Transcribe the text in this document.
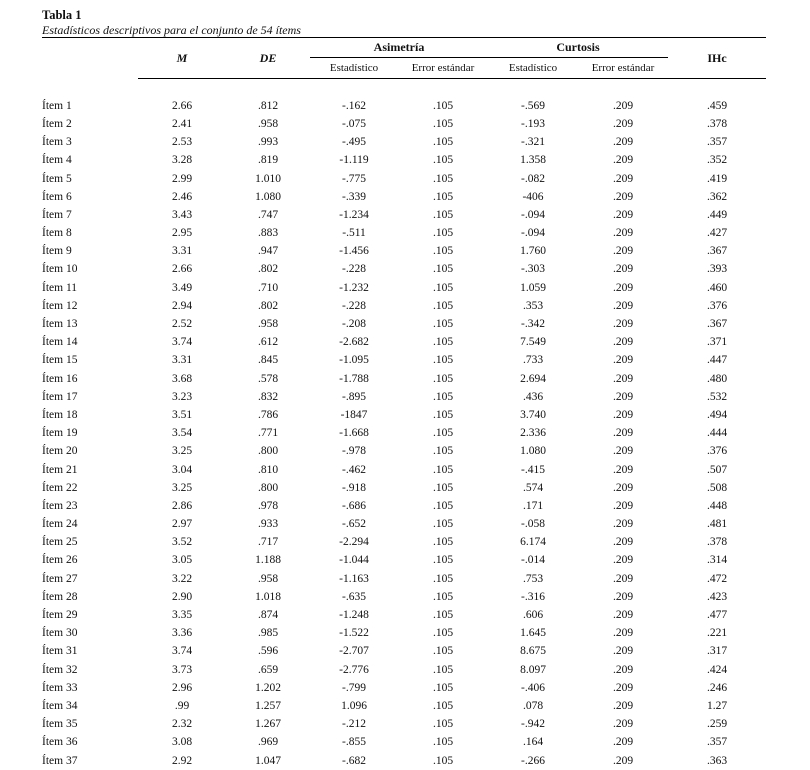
Tabla 1
Estadísticos descriptivos para el conjunto de 54 ítems

	M	DE	Asimetría		Curtosis		IHc
			Estadístico	Error estándar	Estadístico	Error estándar	

Ítem 1	2.66	.812	-.162	.105	-.569	.209	.459
Ítem 2	2.41	.958	-.075	.105	-.193	.209	.378
Ítem 3	2.53	.993	-.495	.105	-.321	.209	.357
Ítem 4	3.28	.819	-1.119	.105	1.358	.209	.352
Ítem 5	2.99	1.010	-.775	.105	-.082	.209	.419
Ítem 6	2.46	1.080	-.339	.105	-406	.209	.362
Ítem 7	3.43	.747	-1.234	.105	-.094	.209	.449
Ítem 8	2.95	.883	-.511	.105	-.094	.209	.427
Ítem 9	3.31	.947	-1.456	.105	1.760	.209	.367
Ítem 10	2.66	.802	-.228	.105	-.303	.209	.393
Ítem 11	3.49	.710	-1.232	.105	1.059	.209	.460
Ítem 12	2.94	.802	-.228	.105	.353	.209	.376
Ítem 13	2.52	.958	-.208	.105	-.342	.209	.367
Ítem 14	3.74	.612	-2.682	.105	7.549	.209	.371
Ítem 15	3.31	.845	-1.095	.105	.733	.209	.447
Ítem 16	3.68	.578	-1.788	.105	2.694	.209	.480
Ítem 17	3.23	.832	-.895	.105	.436	.209	.532
Ítem 18	3.51	.786	-1847	.105	3.740	.209	.494
Ítem 19	3.54	.771	-1.668	.105	2.336	.209	.444
Ítem 20	3.25	.800	-.978	.105	1.080	.209	.376
Ítem 21	3.04	.810	-.462	.105	-.415	.209	.507
Ítem 22	3.25	.800	-.918	.105	.574	.209	.508
Ítem 23	2.86	.978	-.686	.105	.171	.209	.448
Ítem 24	2.97	.933	-.652	.105	-.058	.209	.481
Ítem 25	3.52	.717	-2.294	.105	6.174	.209	.378
Ítem 26	3.05	1.188	-1.044	.105	-.014	.209	.314
Ítem 27	3.22	.958	-1.163	.105	.753	.209	.472
Ítem 28	2.90	1.018	-.635	.105	-.316	.209	.423
Ítem 29	3.35	.874	-1.248	.105	.606	.209	.477
Ítem 30	3.36	.985	-1.522	.105	1.645	.209	.221
Ítem 31	3.74	.596	-2.707	.105	8.675	.209	.317
Ítem 32	3.73	.659	-2.776	.105	8.097	.209	.424
Ítem 33	2.96	1.202	-.799	.105	-.406	.209	.246
Ítem 34	.99	1.257	1.096	.105	.078	.209	1.27
Ítem 35	2.32	1.267	-.212	.105	-.942	.209	.259
Ítem 36	3.08	.969	-.855	.105	.164	.209	.357
Ítem 37	2.92	1.047	-.682	.105	-.266	.209	.363
